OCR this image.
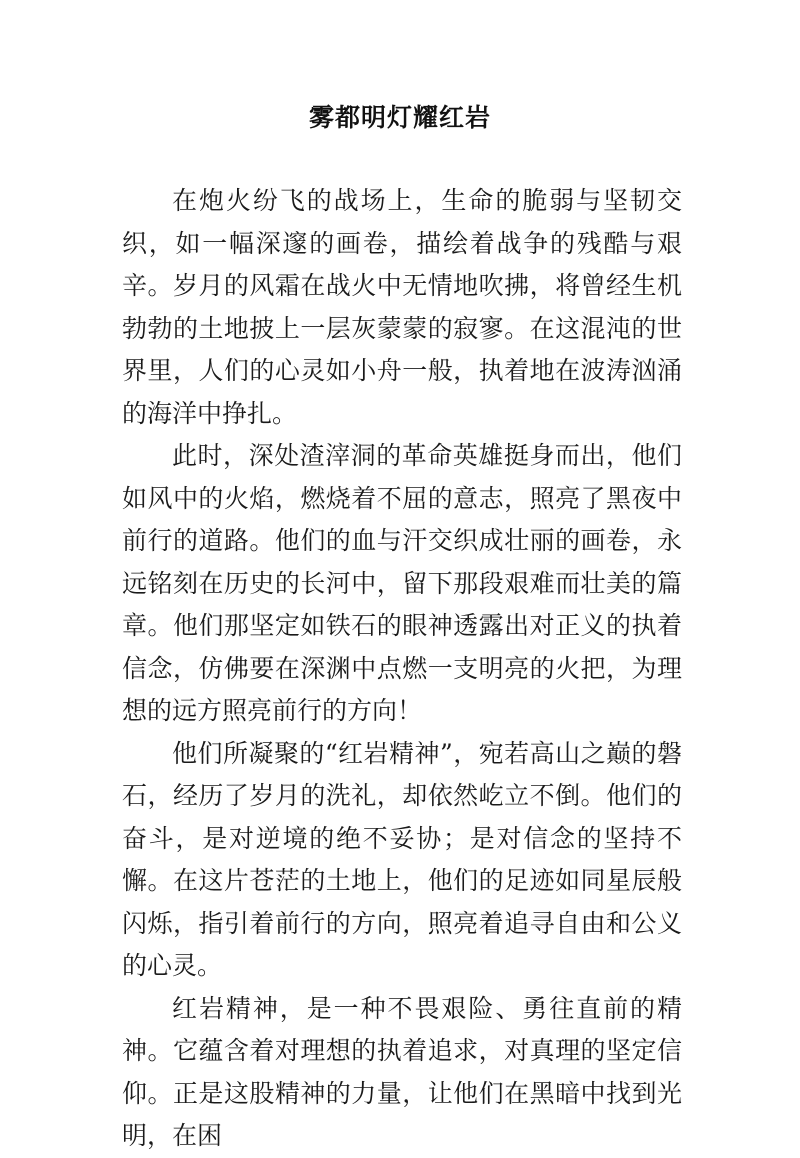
雾都明灯耀红岩

在炮火纷飞的战场上，生命的脆弱与坚韧交织，如一幅深邃的画卷，描绘着战争的残酷与艰辛。岁月的风霜在战火中无情地吹拂，将曾经生机勃勃的土地披上一层灰蒙蒙的寂寥。在这混沌的世界里，人们的心灵如小舟一般，执着地在波涛汹涌的海洋中挣扎。

此时，深处渣滓洞的革命英雄挺身而出，他们如风中的火焰，燃烧着不屈的意志，照亮了黑夜中前行的道路。他们的血与汗交织成壮丽的画卷，永远铭刻在历史的长河中，留下那段艰难而壮美的篇章。他们那坚定如铁石的眼神透露出对正义的执着信念，仿佛要在深渊中点燃一支明亮的火把，为理想的远方照亮前行的方向！

他们所凝聚的“红岩精神”，宛若高山之巅的磐石，经历了岁月的洗礼，却依然屹立不倒。他们的奋斗，是对逆境的绝不妥协；是对信念的坚持不懈。在这片苍茫的土地上，他们的足迹如同星辰般闪烁，指引着前行的方向，照亮着追寻自由和公义的心灵。

红岩精神，是一种不畏艰险、勇往直前的精神。它蕴含着对理想的执着追求，对真理的坚定信仰。正是这股精神的力量，让他们在黑暗中找到光明，在困
